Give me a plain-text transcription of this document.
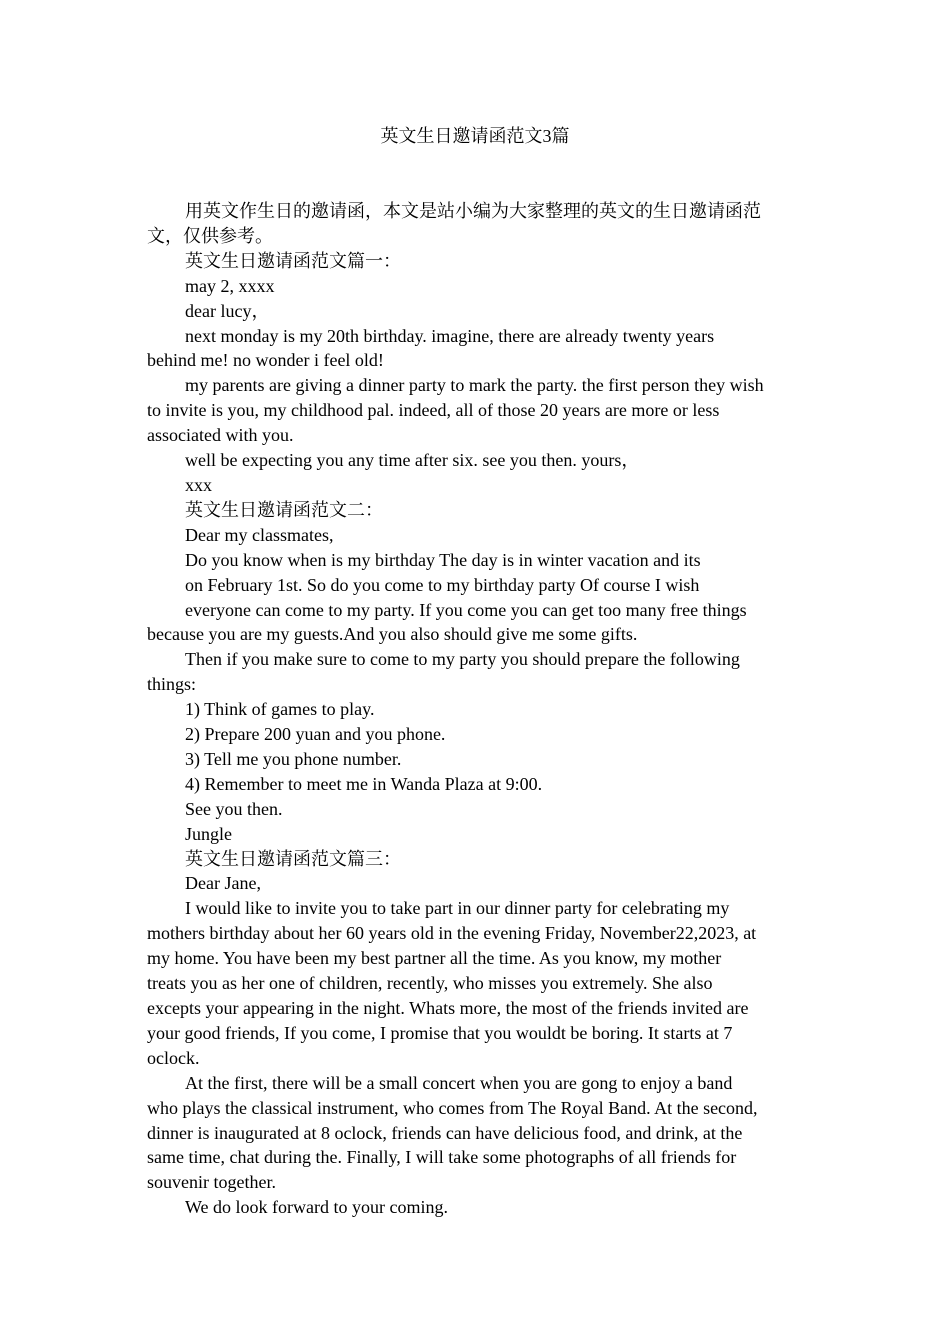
英文生日邀请函范文3篇
用英文作生日的邀请函，本文是站小编为大家整理的英文的生日邀请函范
文，仅供参考。
英文生日邀请函范文篇一：
may 2, xxxx
dear lucy，
next monday is my 20th birthday. imagine, there are already twenty years
behind me! no wonder i feel old!
my parents are giving a dinner party to mark the party. the first person they wish
to invite is you, my childhood pal. indeed, all of those 20 years are more or less
associated with you.
well be expecting you any time after six. see you then. yours，
xxx
英文生日邀请函范文二：
Dear my classmates,
Do you know when is my birthday The day is in winter vacation and its
on February 1st. So do you come to my birthday party Of course I wish
everyone can come to my party. If you come you can get too many free things
because you are my guests.And you also should give me some gifts.
Then if you make sure to come to my party you should prepare the following
things:
1) Think of games to play.
2) Prepare 200 yuan and you phone.
3) Tell me you phone number.
4) Remember to meet me in Wanda Plaza at 9:00.
See you then.
Jungle
英文生日邀请函范文篇三：
Dear Jane,
I would like to invite you to take part in our dinner party for celebrating my
mothers birthday about her 60 years old in the evening Friday, November22,2023, at
my home. You have been my best partner all the time. As you know, my mother
treats you as her one of children, recently, who misses you extremely. She also
excepts your appearing in the night. Whats more, the most of the friends invited are
your good friends, If you come, I promise that you wouldt be boring. It starts at 7
oclock.
At the first, there will be a small concert when you are gong to enjoy a band
who plays the classical instrument, who comes from The Royal Band. At the second,
dinner is inaugurated at 8 oclock, friends can have delicious food, and drink, at the
same time, chat during the. Finally, I will take some photographs of all friends for
souvenir together.
We do look forward to your coming.
